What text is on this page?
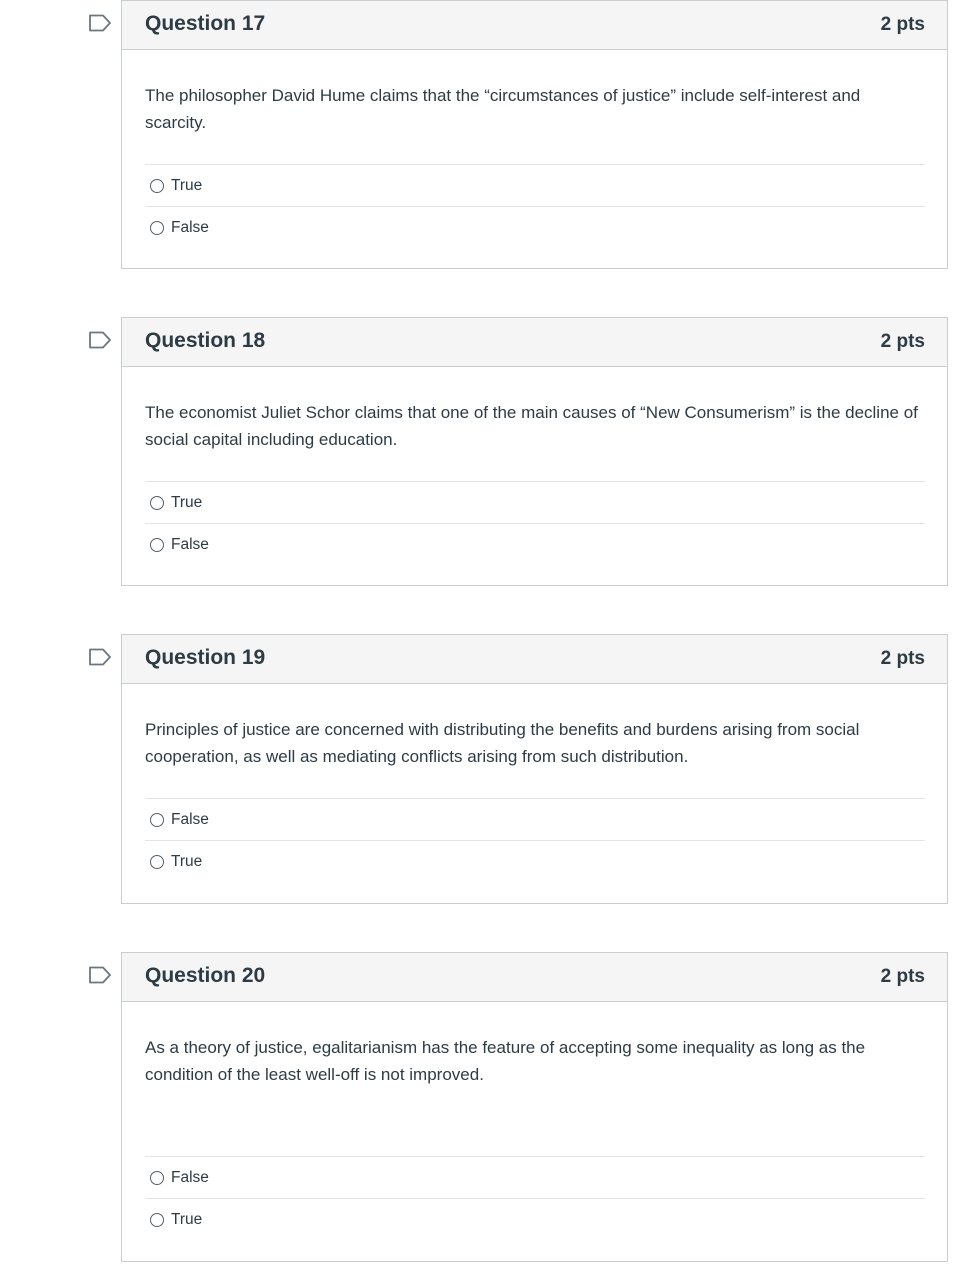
Question 17	2 pts

The philosopher David Hume claims that the “circumstances of justice” include self-interest and scarcity.

True
False
Question 18	2 pts

The economist Juliet Schor claims that one of the main causes of “New Consumerism” is the decline of social capital including education.

True
False
Question 19	2 pts

Principles of justice are concerned with distributing the benefits and burdens arising from social cooperation, as well as mediating conflicts arising from such distribution.

False
True
Question 20	2 pts

As a theory of justice, egalitarianism has the feature of accepting some inequality as long as the condition of the least well-off is not improved.

False
True
